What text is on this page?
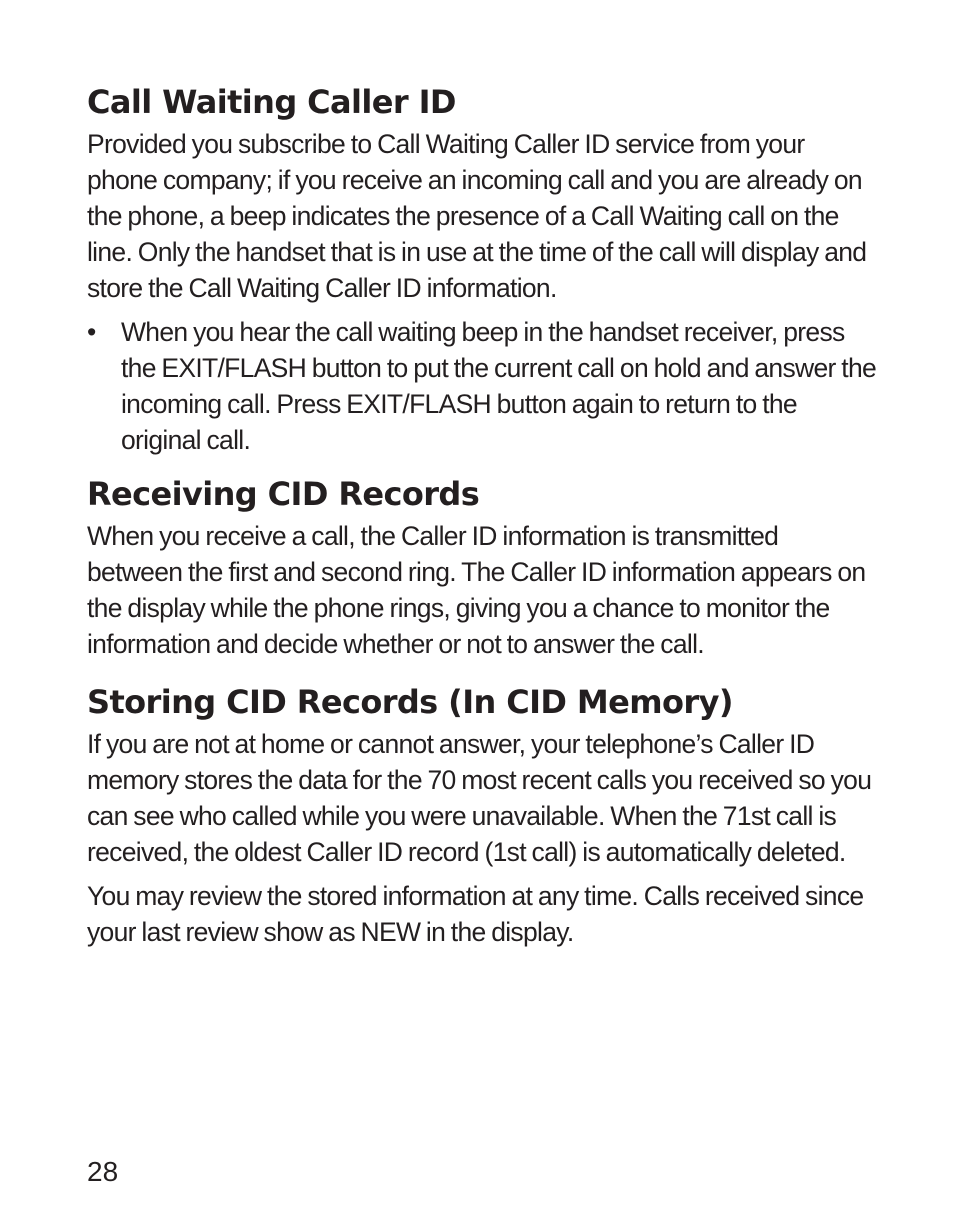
Call Waiting Caller ID

Provided you subscribe to Call Waiting Caller ID service from your phone company; if you receive an incoming call and you are already on the phone, a beep indicates the presence of a Call Waiting call on the line. Only the handset that is in use at the time of the call will display and store the Call Waiting Caller ID information.

• When you hear the call waiting beep in the handset receiver, press the EXIT/FLASH button to put the current call on hold and answer the incoming call. Press EXIT/FLASH button again to return to the original call.
Receiving CID Records

When you receive a call, the Caller ID information is transmitted between the first and second ring. The Caller ID information appears on the display while the phone rings, giving you a chance to monitor the information and decide whether or not to answer the call.

Storing CID Records (In CID Memory)

If you are not at home or cannot answer, your telephone’s Caller ID memory stores the data for the 70 most recent calls you received so you can see who called while you were unavailable. When the 71st call is received, the oldest Caller ID record (1st call) is automatically deleted.

You may review the stored information at any time. Calls received since your last review show as NEW in the display.

28
